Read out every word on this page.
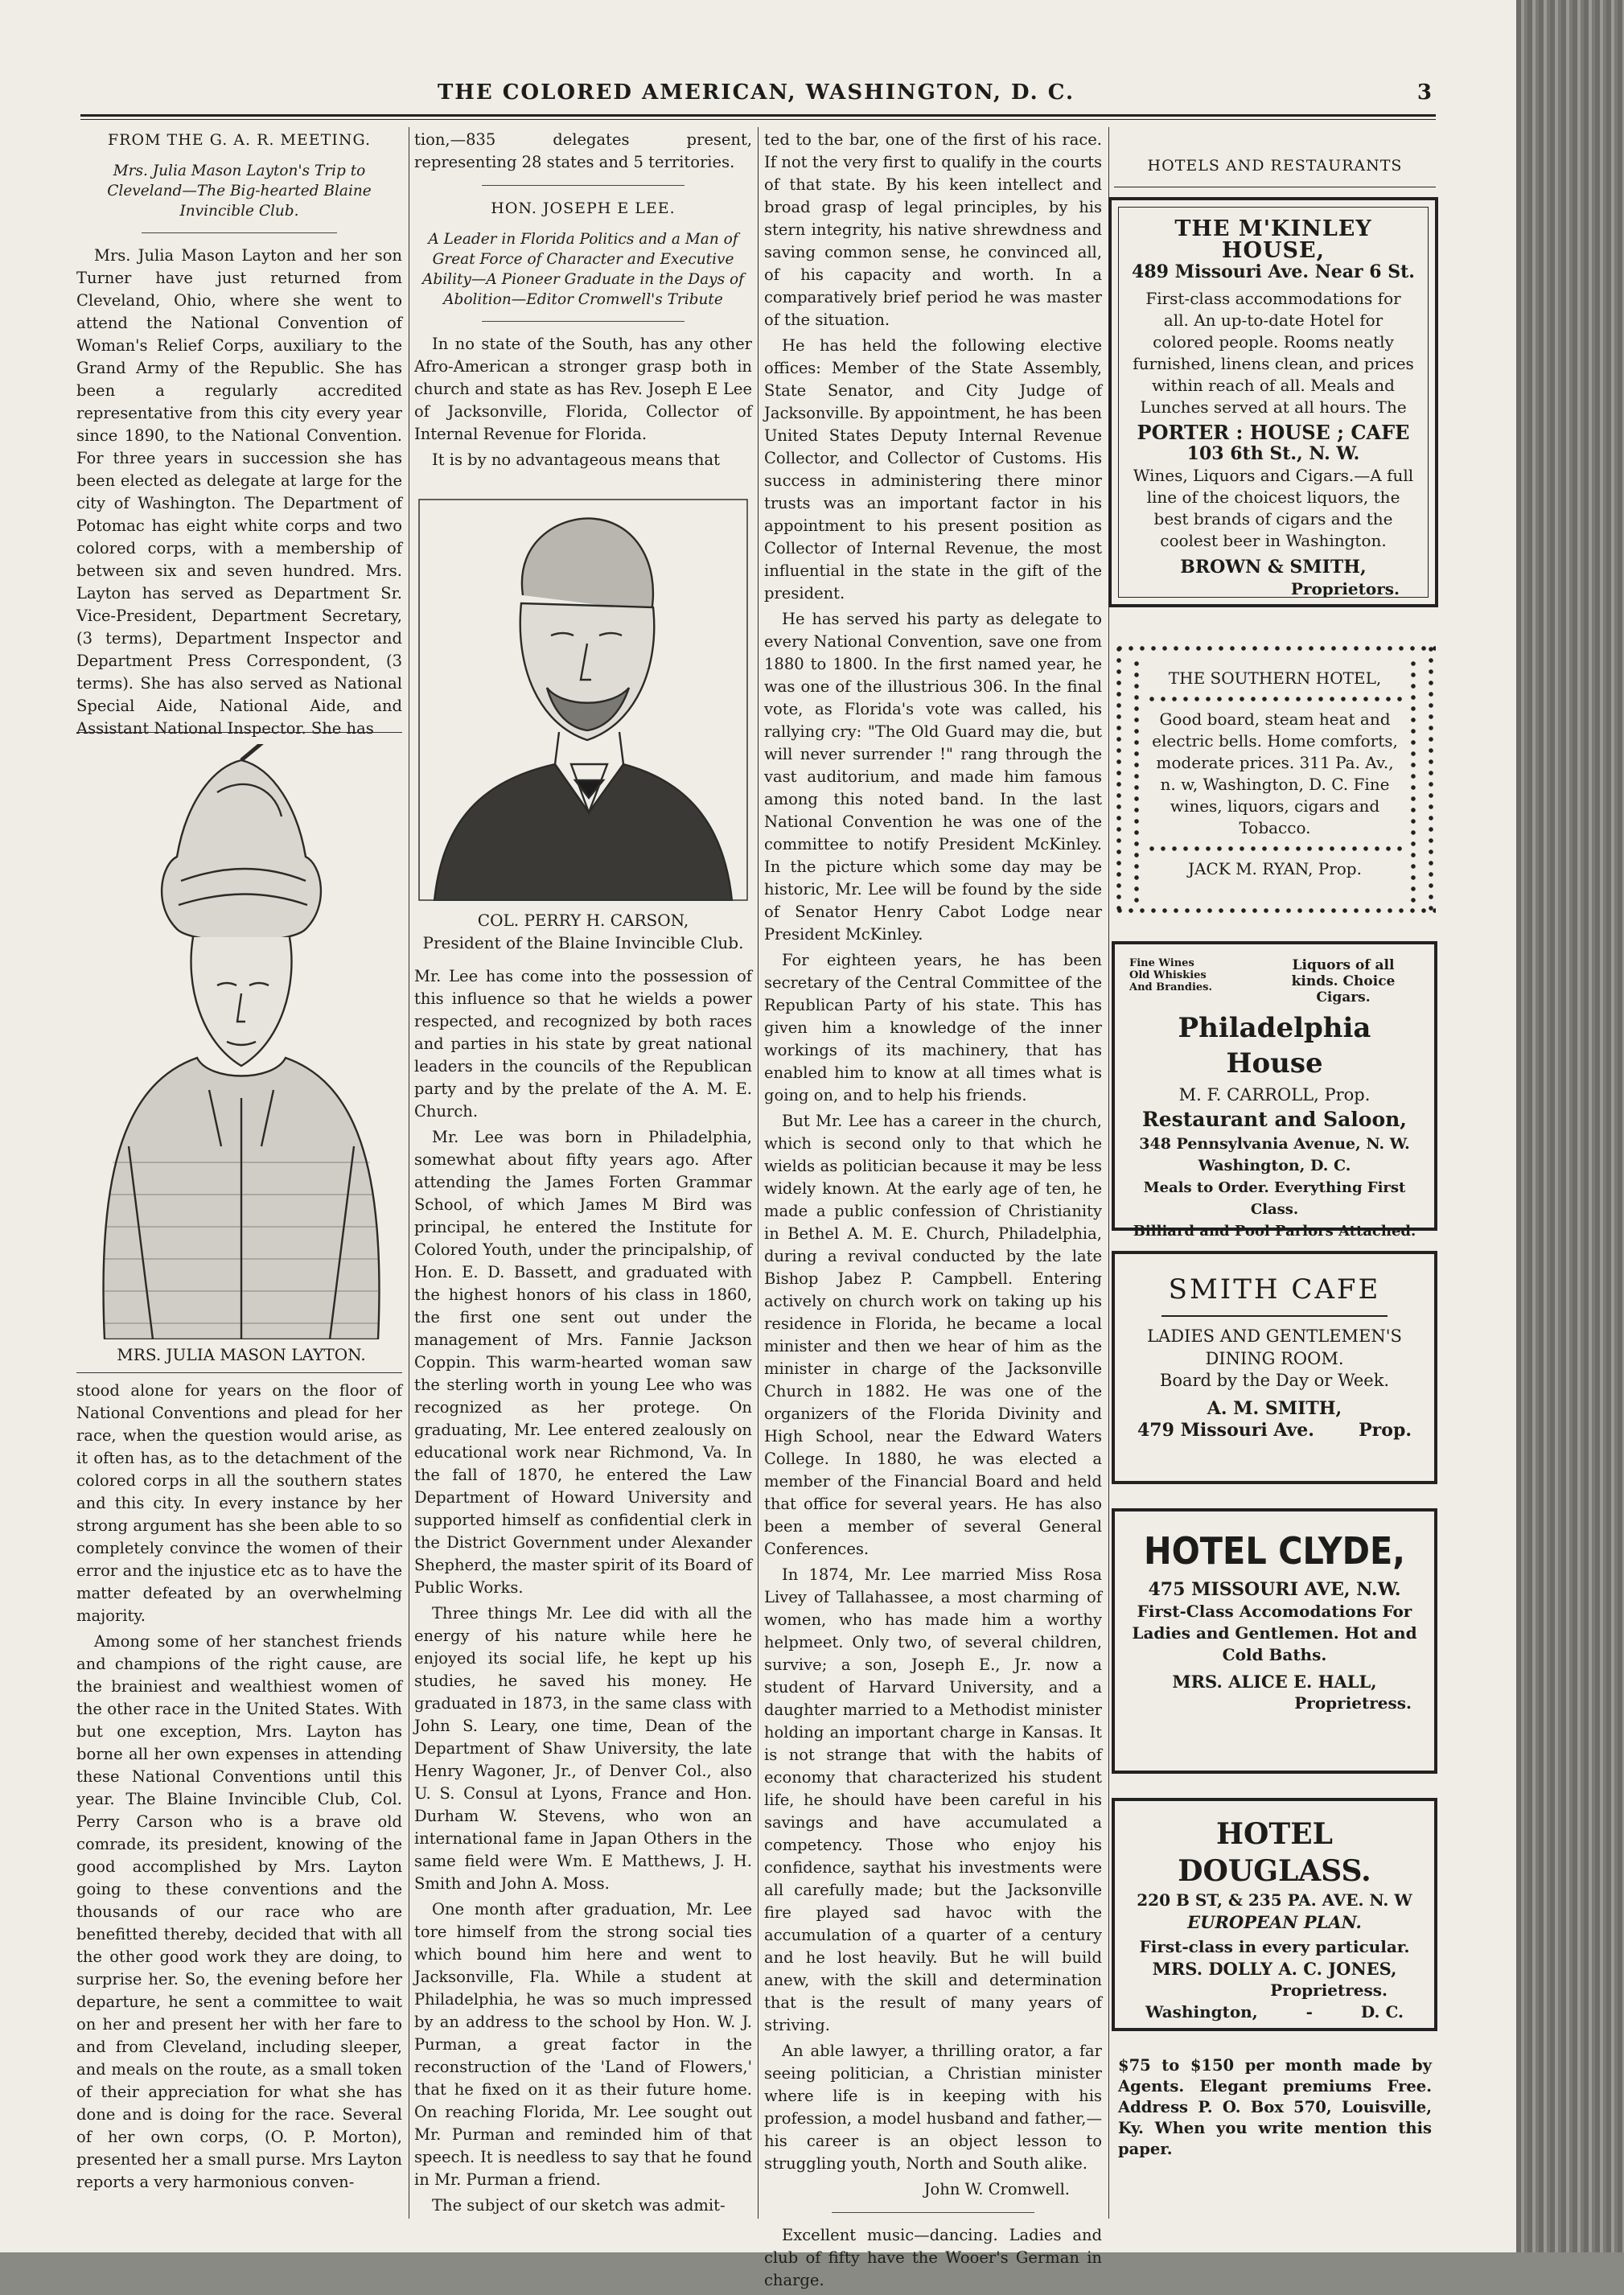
THE COLORED AMERICAN, WASHINGTON, D. C.	3
FROM THE G. A. R. MEETING.
Mrs. Julia Mason Layton's Trip to Cleveland—The Big-hearted Blaine Invincible Club.

Mrs. Julia Mason Layton and her son Turner have just returned from Cleveland, Ohio, where she went to attend the National Convention of Woman's Relief Corps, auxiliary to the Grand Army of the Republic. She has been a regularly accredited representative from this city every year since 1890, to the National Convention. For three years in succession she has been elected as delegate at large for the city of Washington. The Department of Potomac has eight white corps and two colored corps, with a membership of between six and seven hundred. Mrs. Layton has served as Department Sr. Vice-President, Department Secretary, (3 terms), Department Inspector and Department Press Correspondent, (3 terms). She has also served as National Special Aide, National Aide, and Assistant National Inspector. She has

MRS. JULIA MASON LAYTON.

stood alone for years on the floor of National Conventions and plead for her race, when the question would arise, as it often has, as to the detachment of the colored corps in all the southern states and this city. In every instance by her strong argument has she been able to so completely convince the women of their error and the injustice etc as to have the matter defeated by an overwhelming majority.

Among some of her stanchest friends and champions of the right cause, are the brainiest and wealthiest women of the other race in the United States. With but one exception, Mrs. Layton has borne all her own expenses in attending these National Conventions until this year. The Blaine Invincible Club, Col. Perry Carson who is a brave old comrade, its president, knowing of the good accomplished by Mrs. Layton going to these conventions and the thousands of our race who are benefitted thereby, decided that with all the other good work they are doing, to surprise her. So, the evening before her departure, he sent a committee to wait on her and present her with her fare to and from Cleveland, including sleeper, and meals on the route, as a small token of their appreciation for what she has done and is doing for the race. Several of her own corps, (O. P. Morton), presented her a small purse. Mrs Layton reports a very harmonious conven-

tion,—835 delegates present, representing 28 states and 5 territories.

HON. JOSEPH E LEE.
A Leader in Florida Politics and a Man of Great Force of Character and Executive Ability—A Pioneer Graduate in the Days of Abolition—Editor Cromwell's Tribute

In no state of the South, has any other Afro-American a stronger grasp both in church and state as has Rev. Joseph E Lee of Jacksonville, Florida, Collector of Internal Revenue for Florida.

It is by no advantageous means that

COL. PERRY H. CARSON,
President of the Blaine Invincible Club.

Mr. Lee has come into the possession of this influence so that he wields a power respected, and recognized by both races and parties in his state by great national leaders in the councils of the Republican party and by the prelate of the A. M. E. Church.

Mr. Lee was born in Philadelphia, somewhat about fifty years ago. After attending the James Forten Grammar School, of which James M Bird was principal, he entered the Institute for Colored Youth, under the principalship, of Hon. E. D. Bassett, and graduated with the highest honors of his class in 1860, the first one sent out under the management of Mrs. Fannie Jackson Coppin. This warm-hearted woman saw the sterling worth in young Lee who was recognized as her protege. On graduating, Mr. Lee entered zealously on educational work near Richmond, Va. In the fall of 1870, he entered the Law Department of Howard University and supported himself as confidential clerk in the District Government under Alexander Shepherd, the master spirit of its Board of Public Works.

Three things Mr. Lee did with all the energy of his nature while here he enjoyed its social life, he kept up his studies, he saved his money. He graduated in 1873, in the same class with John S. Leary, one time, Dean of the Department of Shaw University, the late Henry Wagoner, Jr., of Denver Col., also U. S. Consul at Lyons, France and Hon. Durham W. Stevens, who won an international fame in Japan Others in the same field were Wm. E Matthews, J. H. Smith and John A. Moss.

One month after graduation, Mr. Lee tore himself from the strong social ties which bound him here and went to Jacksonville, Fla. While a student at Philadelphia, he was so much impressed by an address to the school by Hon. W. J. Purman, a great factor in the reconstruction of the 'Land of Flowers,' that he fixed on it as their future home. On reaching Florida, Mr. Lee sought out Mr. Purman and reminded him of that speech. It is needless to say that he found in Mr. Purman a friend.

The subject of our sketch was admit-

ted to the bar, one of the first of his race. If not the very first to qualify in the courts of that state. By his keen intellect and broad grasp of legal principles, by his stern integrity, his native shrewdness and saving common sense, he convinced all, of his capacity and worth. In a comparatively brief period he was master of the situation.

He has held the following elective offices: Member of the State Assembly, State Senator, and City Judge of Jacksonville. By appointment, he has been United States Deputy Internal Revenue Collector, and Collector of Customs. His success in administering there minor trusts was an important factor in his appointment to his present position as Collector of Internal Revenue, the most influential in the state in the gift of the president.

He has served his party as delegate to every National Convention, save one from 1880 to 1800. In the first named year, he was one of the illustrious 306. In the final vote, as Florida's vote was called, his rallying cry: "The Old Guard may die, but will never surrender !" rang through the vast auditorium, and made him famous among this noted band. In the last National Convention he was one of the committee to notify President McKinley. In the picture which some day may be historic, Mr. Lee will be found by the side of Senator Henry Cabot Lodge near President McKinley.

For eighteen years, he has been secretary of the Central Committee of the Republican Party of his state. This has given him a knowledge of the inner workings of its machinery, that has enabled him to know at all times what is going on, and to help his friends.

But Mr. Lee has a career in the church, which is second only to that which he wields as politician because it may be less widely known. At the early age of ten, he made a public confession of Christianity in Bethel A. M. E. Church, Philadelphia, during a revival conducted by the late Bishop Jabez P. Campbell. Entering actively on church work on taking up his residence in Florida, he became a local minister and then we hear of him as the minister in charge of the Jacksonville Church in 1882. He was one of the organizers of the Florida Divinity and High School, near the Edward Waters College. In 1880, he was elected a member of the Financial Board and held that office for several years. He has also been a member of several General Conferences.

In 1874, Mr. Lee married Miss Rosa Livey of Tallahassee, a most charming of women, who has made him a worthy helpmeet. Only two, of several children, survive; a son, Joseph E., Jr. now a student of Harvard University, and a daughter married to a Methodist minister holding an important charge in Kansas. It is not strange that with the habits of economy that characterized his student life, he should have been careful in his savings and have accumulated a competency. Those who enjoy his confidence, saythat his investments were all carefully made; but the Jacksonville fire played sad havoc with the accumulation of a quarter of a century and he lost heavily. But he will build anew, with the skill and determination that is the result of many years of striving.

An able lawyer, a thrilling orator, a far seeing politician, a Christian minister where life is in keeping with his profession, a model husband and father,—his career is an object lesson to struggling youth, North and South alike.

John W. Cromwell.

Excellent music—dancing. Ladies and club of fifty have the Wooer's German in charge.

HOTELS AND RESTAURANTS
THE M'KINLEY HOUSE,
489 Missouri Ave. Near 6 St.
First-class accommodations for all. An up-to-date Hotel for colored people. Rooms neatly furnished, linens clean, and prices within reach of all. Meals and Lunches served at all hours. The
PORTER : HOUSE ; CAFE
103 6th St., N. W.
Wines, Liquors and Cigars.—A full line of the choicest liquors, the best brands of cigars and the coolest beer in Washington.
BROWN & SMITH,
Proprietors.
THE SOUTHERN HOTEL,
Good board, steam heat and electric bells. Home comforts, moderate prices. 311 Pa. Av., n. w, Washington, D. C. Fine wines, liquors, cigars and Tobacco.
JACK M. RYAN, Prop.
Fine Wines
Old Whiskies
And Brandies.
Liquors of all kinds. Choice Cigars.
Philadelphia House
M. F. CARROLL, Prop.
Restaurant and Saloon,
348 Pennsylvania Avenue, N. W. Washington, D. C.
Meals to Order. Everything First Class.
Billiard and Pool Parlors Attached.
SMITH CAFE
LADIES AND GENTLEMEN'S DINING ROOM.
Board by the Day or Week.
A. M. SMITH,
479 Missouri Ave.	Prop.
HOTEL CLYDE,
475 MISSOURI AVE, N.W.
First-Class Accomodations For Ladies and Gentlemen. Hot and Cold Baths.
MRS. ALICE E. HALL,
Proprietress.
HOTEL DOUGLASS.
220 B ST, & 235 PA. AVE. N. W
EUROPEAN PLAN.
First-class in every particular.
MRS. DOLLY A. C. JONES,
Proprietress.
Washington,	-	D. C.

$75 to $150 per month made by Agents. Elegant premiums Free. Address P. O. Box 570, Louisville, Ky. When you write mention this paper.
